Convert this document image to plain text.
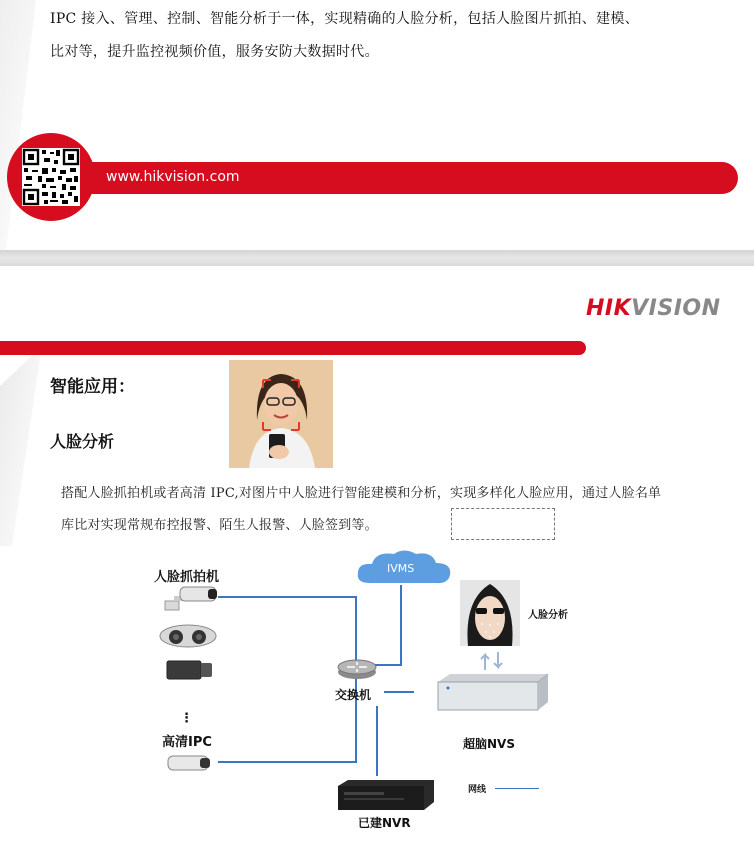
IPC 接入、管理、控制、智能分析于一体，实现精确的人脸分析，包括人脸图片抓拍、建模、
比对等，提升监控视频价值，服务安防大数据时代。
www.hikvision.com
HIKVISION
智能应用：
人脸分析
搭配人脸抓拍机或者高清 IPC,对图片中人脸进行智能建模和分析，实现多样化人脸应用，通过人脸名单
库比对实现常规布控报警、陌生人报警、人脸签到等。
人脸抓拍机
⋮
高清IPC
IVMS
交换机
人脸分析
超脑NVS
已建NVR
网线
